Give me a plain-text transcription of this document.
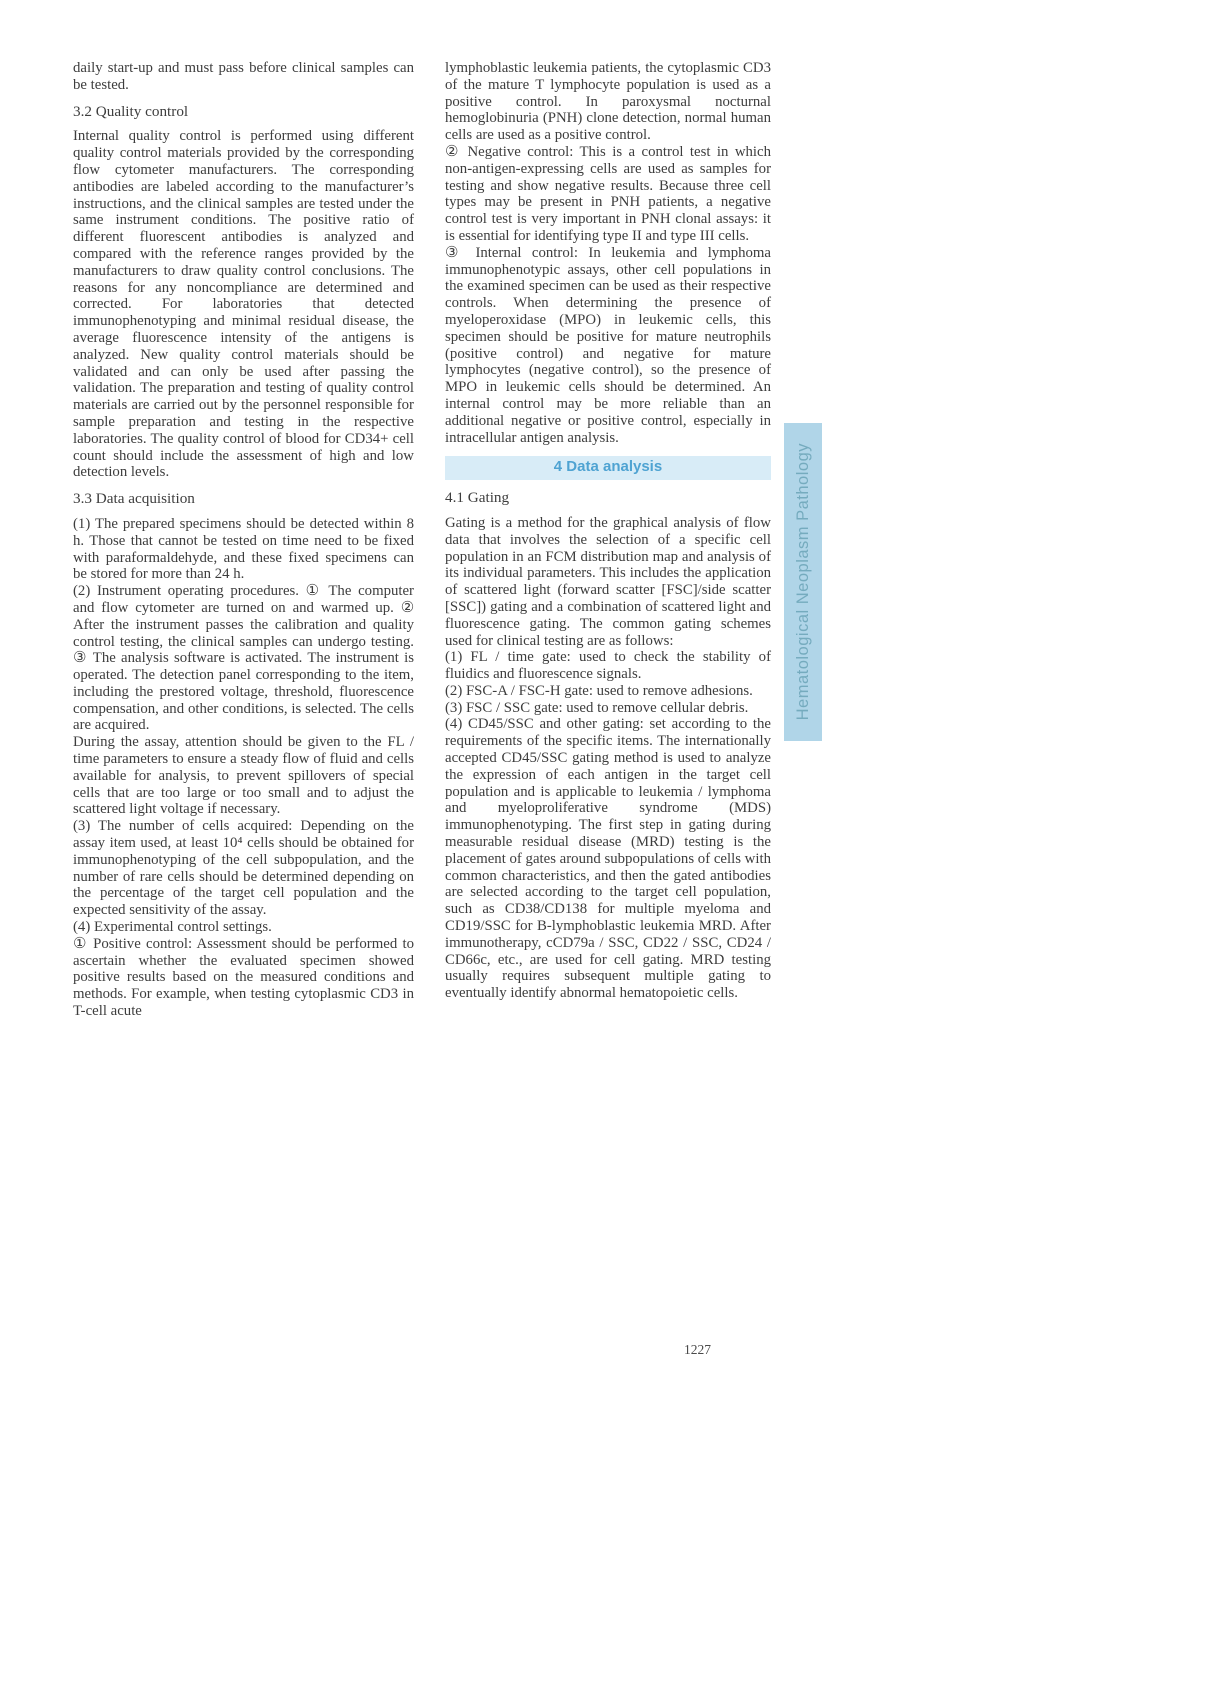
daily start-up and must pass before clinical samples can be tested.

3.2 Quality control

Internal quality control is performed using different quality control materials provided by the corresponding flow cytometer manufacturers. The corresponding antibodies are labeled according to the manufacturer’s instructions, and the clinical samples are tested under the same instrument conditions. The positive ratio of different fluorescent antibodies is analyzed and compared with the reference ranges provided by the manufacturers to draw quality control conclusions. The reasons for any noncompliance are determined and corrected. For laboratories that detected immunophenotyping and minimal residual disease, the average fluorescence intensity of the antigens is analyzed. New quality control materials should be validated and can only be used after passing the validation. The preparation and testing of quality control materials are carried out by the personnel responsible for sample preparation and testing in the respective laboratories. The quality control of blood for CD34+ cell count should include the assessment of high and low detection levels.

3.3 Data acquisition

(1) The prepared specimens should be detected within 8 h. Those that cannot be tested on time need to be fixed with paraformaldehyde, and these fixed specimens can be stored for more than 24 h.

(2) Instrument operating procedures. ① The computer and flow cytometer are turned on and warmed up. ② After the instrument passes the calibration and quality control testing, the clinical samples can undergo testing. ③ The analysis software is activated. The instrument is operated. The detection panel corresponding to the item, including the prestored voltage, threshold, fluorescence compensation, and other conditions, is selected. The cells are acquired.

During the assay, attention should be given to the FL / time parameters to ensure a steady flow of fluid and cells available for analysis, to prevent spillovers of special cells that are too large or too small and to adjust the scattered light voltage if necessary.

(3) The number of cells acquired: Depending on the assay item used, at least 10⁴ cells should be obtained for immunophenotyping of the cell subpopulation, and the number of rare cells should be determined depending on the percentage of the target cell population and the expected sensitivity of the assay.

(4) Experimental control settings.

① Positive control: Assessment should be performed to ascertain whether the evaluated specimen showed positive results based on the measured conditions and methods. For example, when testing cytoplasmic CD3 in T-cell acute

lymphoblastic leukemia patients, the cytoplasmic CD3 of the mature T lymphocyte population is used as a positive control. In paroxysmal nocturnal hemoglobinuria (PNH) clone detection, normal human cells are used as a positive control.

② Negative control: This is a control test in which non-antigen-expressing cells are used as samples for testing and show negative results. Because three cell types may be present in PNH patients, a negative control test is very important in PNH clonal assays: it is essential for identifying type II and type III cells.

③ Internal control: In leukemia and lymphoma immunophenotypic assays, other cell populations in the examined specimen can be used as their respective controls. When determining the presence of myeloperoxidase (MPO) in leukemic cells, this specimen should be positive for mature neutrophils (positive control) and negative for mature lymphocytes (negative control), so the presence of MPO in leukemic cells should be determined. An internal control may be more reliable than an additional negative or positive control, especially in intracellular antigen analysis.

4 Data analysis
4.1 Gating

Gating is a method for the graphical analysis of flow data that involves the selection of a specific cell population in an FCM distribution map and analysis of its individual parameters. This includes the application of scattered light (forward scatter [FSC]/side scatter [SSC]) gating and a combination of scattered light and fluorescence gating. The common gating schemes used for clinical testing are as follows:

(1) FL / time gate: used to check the stability of fluidics and fluorescence signals.

(2) FSC-A / FSC-H gate: used to remove adhesions.

(3) FSC / SSC gate: used to remove cellular debris.

(4) CD45/SSC and other gating: set according to the requirements of the specific items. The internationally accepted CD45/SSC gating method is used to analyze the expression of each antigen in the target cell population and is applicable to leukemia / lymphoma and myeloproliferative syndrome (MDS) immunophenotyping. The first step in gating during measurable residual disease (MRD) testing is the placement of gates around subpopulations of cells with common characteristics, and then the gated antibodies are selected according to the target cell population, such as CD38/CD138 for multiple myeloma and CD19/SSC for B-lymphoblastic leukemia MRD. After immunotherapy, cCD79a / SSC, CD22 / SSC, CD24 / CD66c, etc., are used for cell gating. MRD testing usually requires subsequent multiple gating to eventually identify abnormal hematopoietic cells.

Hematological Neoplasm Pathology
1227
